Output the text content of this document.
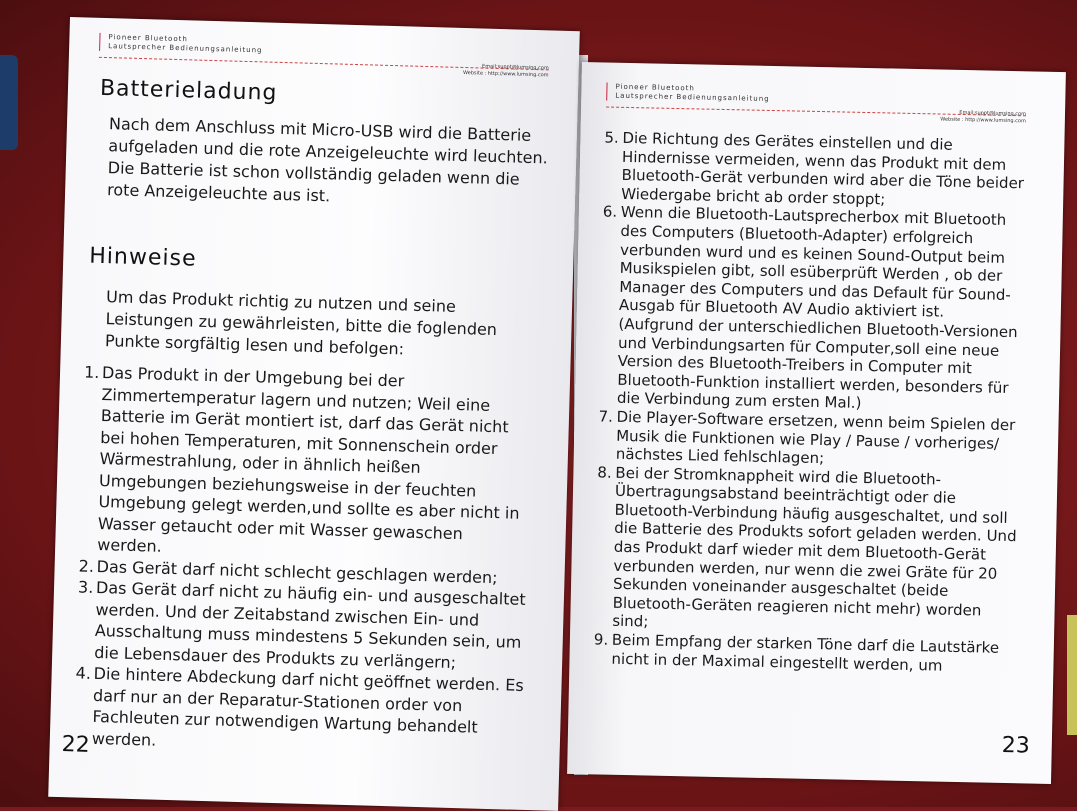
Pioneer Bluetooth
Lautsprecher Bedienungsanleitung
Email:suppt@lumsing.com
Website : http://www.lumsing.com
Batterieladung
Nach dem Anschluss mit Micro-USB wird die Batterie aufgeladen und die rote Anzeigeleuchte wird leuchten. Die Batterie ist schon vollständig geladen wenn die rote Anzeigeleuchte aus ist.
Hinweise
Um das Produkt richtig zu nutzen und seine Leistungen zu gewährleisten, bitte die foglenden Punkte sorgfältig lesen und befolgen:
1. Das Produkt in der Umgebung bei der Zimmertemperatur lagern und nutzen; Weil eine Batterie im Gerät montiert ist, darf das Gerät nicht bei hohen Temperaturen, mit Sonnenschein order Wärmestrahlung, oder in ähnlich heißen Umgebungen beziehungsweise in der feuchten Umgebung gelegt werden,und sollte es aber nicht in Wasser getaucht oder mit Wasser gewaschen werden.
2. Das Gerät darf nicht schlecht geschlagen werden;
3. Das Gerät darf nicht zu häufig ein- und ausgeschaltet werden. Und der Zeitabstand zwischen Ein- und Ausschaltung muss mindestens 5 Sekunden sein, um die Lebensdauer des Produkts zu verlängern;
4. Die hintere Abdeckung darf nicht geöffnet werden. Es darf nur an der Reparatur-Stationen order von Fachleuten zur notwendigen Wartung behandelt werden.
22
Pioneer Bluetooth
Lautsprecher Bedienungsanleitung
Email:suppt@lumsing.com
Website : http://www.lumsing.com
5. Die Richtung des Gerätes einstellen und die Hindernisse vermeiden, wenn das Produkt mit dem Bluetooth-Gerät verbunden wird aber die Töne beider Wiedergabe bricht ab order stoppt;
6. Wenn die Bluetooth-Lautsprecherbox mit Bluetooth des Computers (Bluetooth-Adapter) erfolgreich verbunden wurd und es keinen Sound-Output beim Musikspielen gibt, soll esüberprüft Werden , ob der Manager des Computers und das Default für Sound-Ausgab für Bluetooth AV Audio aktiviert ist. (Aufgrund der unterschiedlichen Bluetooth-Versionen und Verbindungsarten für Computer,soll eine neue Version des Bluetooth-Treibers in Computer mit Bluetooth-Funktion installiert werden, besonders für die Verbindung zum ersten Mal.)
7. Die Player-Software ersetzen, wenn beim Spielen der Musik die Funktionen wie Play / Pause / vorheriges/ nächstes Lied fehlschlagen;
8. Bei der Stromknappheit wird die Bluetooth-Übertragungsabstand beeinträchtigt oder die Bluetooth-Verbindung häufig ausgeschaltet, und soll die Batterie des Produkts sofort geladen werden. Und das Produkt darf wieder mit dem Bluetooth-Gerät verbunden werden, nur wenn die zwei Gräte für 20 Sekunden voneinander ausgeschaltet (beide Bluetooth-Geräten reagieren nicht mehr) worden sind;
9. Beim Empfang der starken Töne darf die Lautstärke nicht in der Maximal eingestellt werden, um
23
